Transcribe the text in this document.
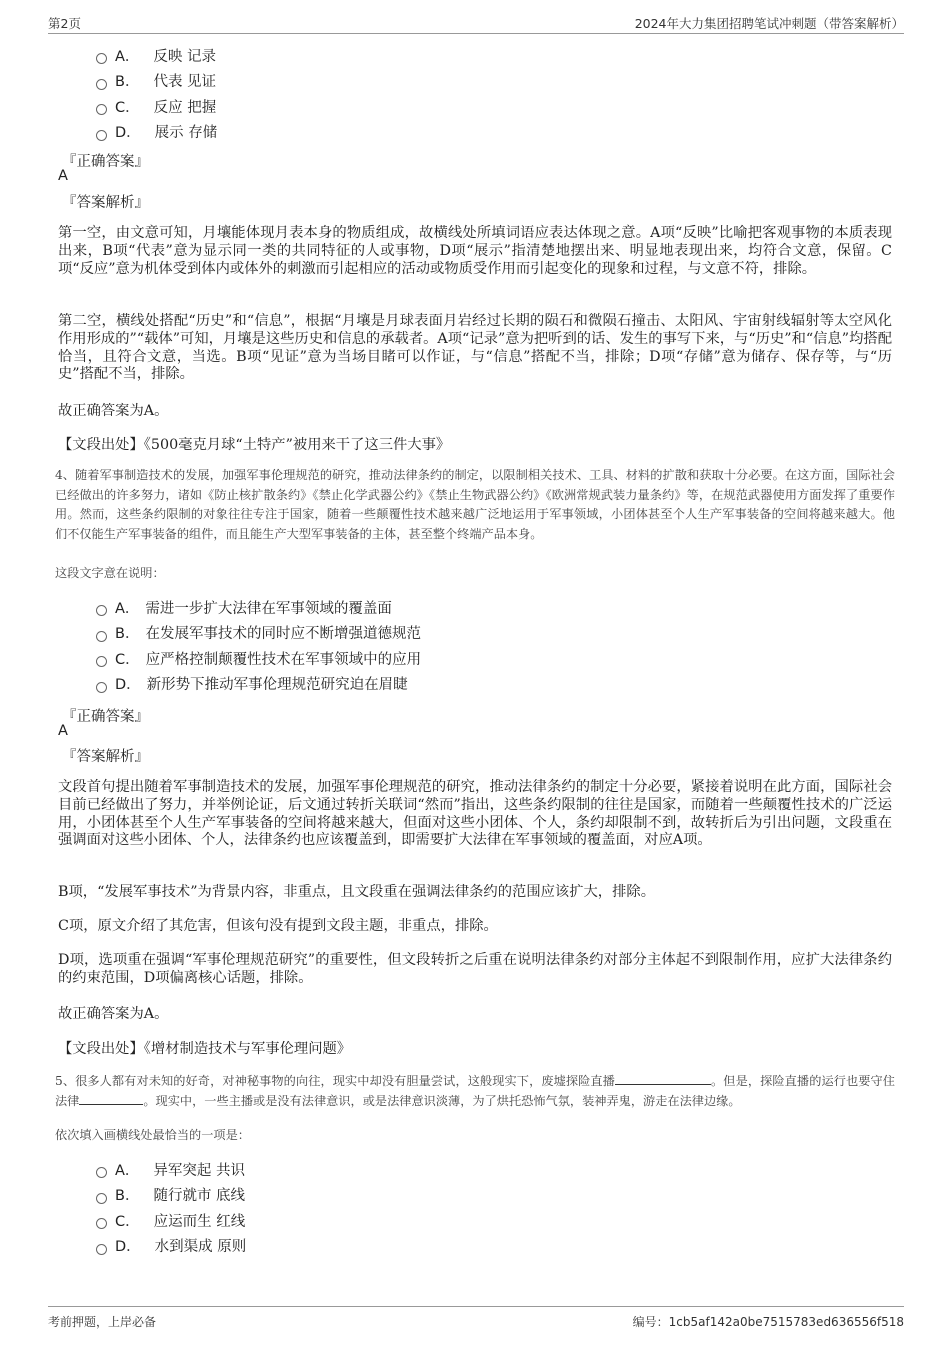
第2页	2024年大力集团招聘笔试冲刺题（带答案解析）
A． 反映 记录
B． 代表 见证
C． 反应 把握
D． 展示 存储
『正确答案』
A
『答案解析』

第一空，由文意可知，月壤能体现月表本身的物质组成，故横线处所填词语应表达体现之意。A项“反映”比喻把客观事物的本质表现出来，B项“代表”意为显示同一类的共同特征的人或事物，D项“展示”指清楚地摆出来、明显地表现出来，均符合文意，保留。C项“反应”意为机体受到体内或体外的刺激而引起相应的活动或物质受作用而引起变化的现象和过程，与文意不符，排除。

第二空，横线处搭配“历史”和“信息”，根据“月壤是月球表面月岩经过长期的陨石和微陨石撞击、太阳风、宇宙射线辐射等太空风化作用形成的”“载体”可知，月壤是这些历史和信息的承载者。A项“记录”意为把听到的话、发生的事写下来，与“历史”和“信息”均搭配恰当，且符合文意，当选。B项“见证”意为当场目睹可以作证，与“信息”搭配不当，排除；D项“存储”意为储存、保存等，与“历史”搭配不当，排除。

故正确答案为A。
【文段出处】《500毫克月球“土特产”被用来干了这三件大事》

4、随着军事制造技术的发展，加强军事伦理规范的研究，推动法律条约的制定，以限制相关技术、工具、材料的扩散和获取十分必要。在这方面，国际社会已经做出的许多努力，诸如《防止核扩散条约》《禁止化学武器公约》《禁止生物武器公约》《欧洲常规武装力量条约》等，在规范武器使用方面发挥了重要作用。然而，这些条约限制的对象往往专注于国家，随着一些颠覆性技术越来越广泛地运用于军事领域，小团体甚至个人生产军事装备的空间将越来越大。他们不仅能生产军事装备的组件，而且能生产大型军事装备的主体，甚至整个终端产品本身。

这段文字意在说明：
A． 需进一步扩大法律在军事领域的覆盖面
B． 在发展军事技术的同时应不断增强道德规范
C． 应严格控制颠覆性技术在军事领域中的应用
D． 新形势下推动军事伦理规范研究迫在眉睫
『正确答案』
A
『答案解析』

文段首句提出随着军事制造技术的发展，加强军事伦理规范的研究，推动法律条约的制定十分必要，紧接着说明在此方面，国际社会目前已经做出了努力，并举例论证，后文通过转折关联词“然而”指出，这些条约限制的往往是国家，而随着一些颠覆性技术的广泛运用，小团体甚至个人生产军事装备的空间将越来越大，但面对这些小团体、个人，条约却限制不到，故转折后为引出问题，文段重在强调面对这些小团体、个人，法律条约也应该覆盖到，即需要扩大法律在军事领域的覆盖面，对应A项。

B项，“发展军事技术”为背景内容，非重点，且文段重在强调法律条约的范围应该扩大，排除。

C项，原文介绍了其危害，但该句没有提到文段主题，非重点，排除。

D项，选项重在强调“军事伦理规范研究”的重要性，但文段转折之后重在说明法律条约对部分主体起不到限制作用，应扩大法律条约的约束范围，D项偏离核心话题，排除。

故正确答案为A。
【文段出处】《增材制造技术与军事伦理问题》

5、很多人都有对未知的好奇，对神秘事物的向往，现实中却没有胆量尝试，这般现实下，废墟探险直播	。但是，探险直播的运行也要守住法律	。现实中，一些主播或是没有法律意识，或是法律意识淡薄，为了烘托恐怖气氛，装神弄鬼，游走在法律边缘。

依次填入画横线处最恰当的一项是：
A． 异军突起 共识
B． 随行就市 底线
C． 应运而生 红线
D． 水到渠成 原则
考前押题，上岸必备	编号：1cb5af142a0be7515783ed636556f518
